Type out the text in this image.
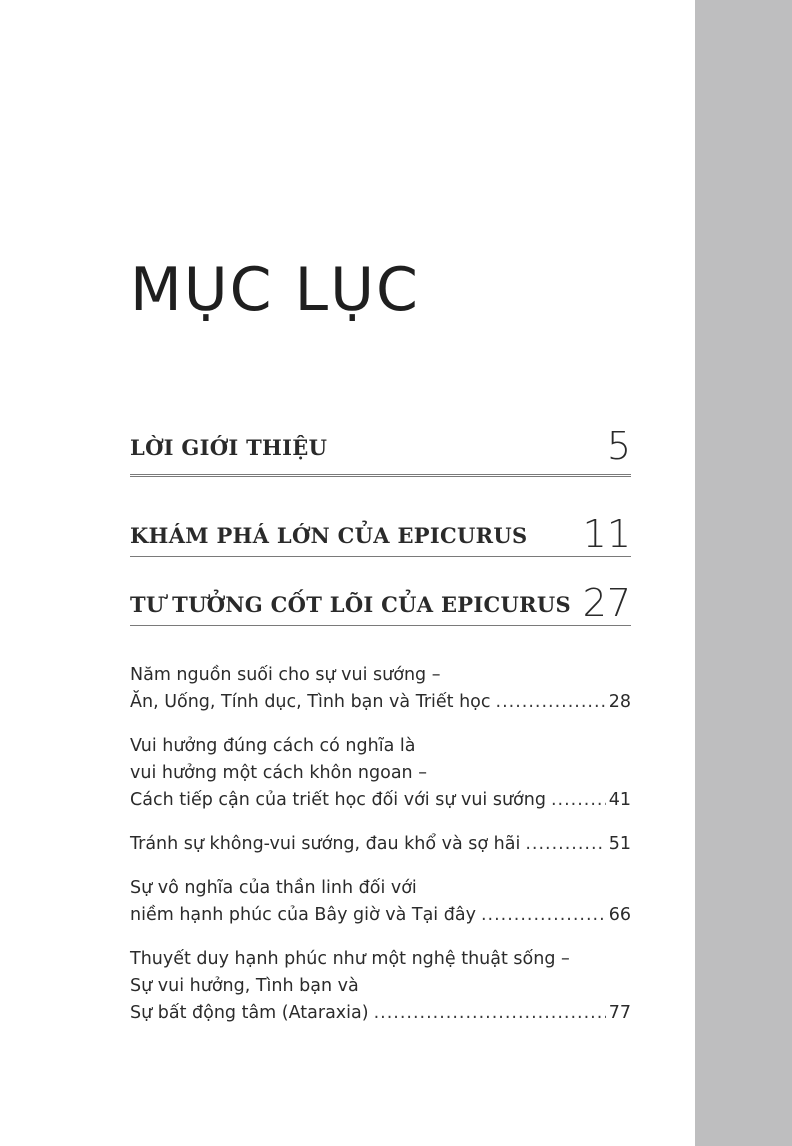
MỤC LỤC
LỜI GIỚI THIỆU	5
KHÁM PHÁ LỚN CỦA EPICURUS 11
TƯ TƯỞNG CỐT LÕI CỦA EPICURUS 27
Năm nguồn suối cho sự vui sướng –
Ăn, Uống, Tính dục, Tình bạn và Triết học .....	28
Vui hưởng đúng cách có nghĩa là
vui hưởng một cách khôn ngoan –
Cách tiếp cận của triết học đối với sự vui sướng .....	41
Tránh sự không-vui sướng, đau khổ và sợ hãi .....	51
Sự vô nghĩa của thần linh đối với
niềm hạnh phúc của Bây giờ và Tại đây .....	66
Thuyết duy hạnh phúc như một nghệ thuật sống –
Sự vui hưởng, Tình bạn và
Sự bất động tâm (Ataraxia) .....	77
